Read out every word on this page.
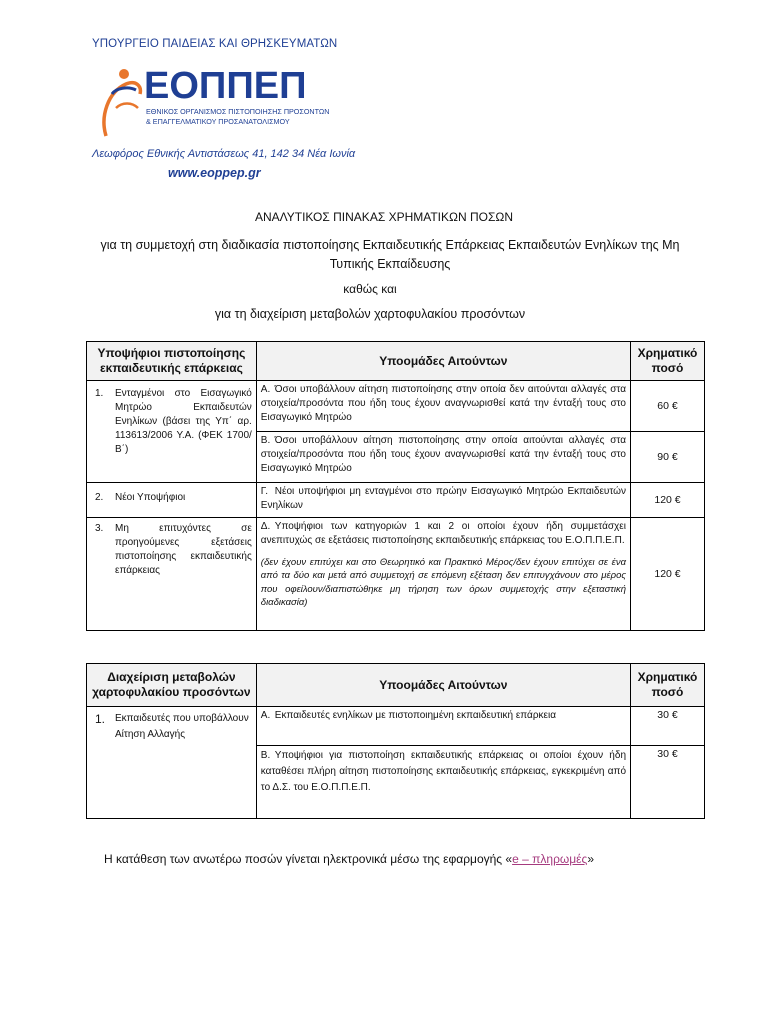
ΥΠΟΥΡΓΕΙΟ ΠΑΙΔΕΙΑΣ ΚΑΙ ΘΡΗΣΚΕΥΜΑΤΩΝ
ΕΟΠΠΕΠ
ΕΘΝΙΚΟΣ ΟΡΓΑΝΙΣΜΟΣ ΠΙΣΤΟΠΟΙΗΣΗΣ ΠΡΟΣΟΝΤΩΝ
& ΕΠΑΓΓΕΛΜΑΤΙΚΟΥ ΠΡΟΣΑΝΑΤΟΛΙΣΜΟΥ
Λεωφόρος Εθνικής Αντιστάσεως 41, 142 34 Νέα Ιωνία
www.eoppep.gr
ΑΝΑΛΥΤΙΚΟΣ ΠΙΝΑΚΑΣ ΧΡΗΜΑΤΙΚΩΝ ΠΟΣΩΝ
για τη συμμετοχή στη διαδικασία πιστοποίησης Εκπαιδευτικής Επάρκειας Εκπαιδευτών Ενηλίκων της Μη Τυπικής Εκπαίδευσης
καθώς και
για τη διαχείριση μεταβολών χαρτοφυλακίου προσόντων
Υποψήφιοι πιστοποίησης εκπαιδευτικής επάρκειας	Υποομάδες Αιτούντων	Χρηματικό ποσό

1. Ενταγμένοι στο Εισαγωγικό Μητρώο Εκπαιδευτών Ενηλίκων (βάσει της Υπ΄ αρ. 113613/2006 Υ.Α. (ΦΕΚ 1700/Β΄)	Α. Όσοι υποβάλλουν αίτηση πιστοποίησης στην οποία δεν αιτούνται αλλαγές στα στοιχεία/προσόντα που ήδη τους έχουν αναγνωρισθεί κατά την ένταξή τους στο Εισαγωγικό Μητρώο	60 €
	Β. Όσοι υποβάλλουν αίτηση πιστοποίησης στην οποία αιτούνται αλλαγές στα στοιχεία/προσόντα που ήδη τους έχουν αναγνωρισθεί κατά την ένταξή τους στο Εισαγωγικό Μητρώο	90 €

2. Νέοι Υποψήφιοι	Γ. Νέοι υποψήφιοι μη ενταγμένοι στο πρώην Εισαγωγικό Μητρώο Εκπαιδευτών Ενηλίκων	120 €

3. Μη επιτυχόντες σε προηγούμενες εξετάσεις πιστοποίησης εκπαιδευτικής επάρκειας	Δ. Υποψήφιοι των κατηγοριών 1 και 2 οι οποίοι έχουν ήδη συμμετάσχει ανεπιτυχώς σε εξετάσεις πιστοποίησης εκπαιδευτικής επάρκειας του Ε.Ο.Π.Π.Ε.Π.
(δεν έχουν επιτύχει και στο Θεωρητικό και Πρακτικό Μέρος/δεν έχουν επιτύχει σε ένα από τα δύο και μετά από συμμετοχή σε επόμενη εξέταση δεν επιτυγχάνουν στο μέρος που οφείλουν/διαπιστώθηκε μη τήρηση των όρων συμμετοχής στην εξεταστική διαδικασία)	120 €
Διαχείριση μεταβολών χαρτοφυλακίου προσόντων	Υποομάδες Αιτούντων	Χρηματικό ποσό

1. Εκπαιδευτές που υποβάλλουν Αίτηση Αλλαγής	Α. Εκπαιδευτές ενηλίκων με πιστοποιημένη εκπαιδευτική επάρκεια	30 €
	Β. Υποψήφιοι για πιστοποίηση εκπαιδευτικής επάρκειας οι οποίοι έχουν ήδη καταθέσει πλήρη αίτηση πιστοποίησης εκπαιδευτικής επάρκειας, εγκεκριμένη από το Δ.Σ. του Ε.Ο.Π.Π.Ε.Π.	30 €
Η κατάθεση των ανωτέρω ποσών γίνεται ηλεκτρονικά μέσω της εφαρμογής «e – πληρωμές»
